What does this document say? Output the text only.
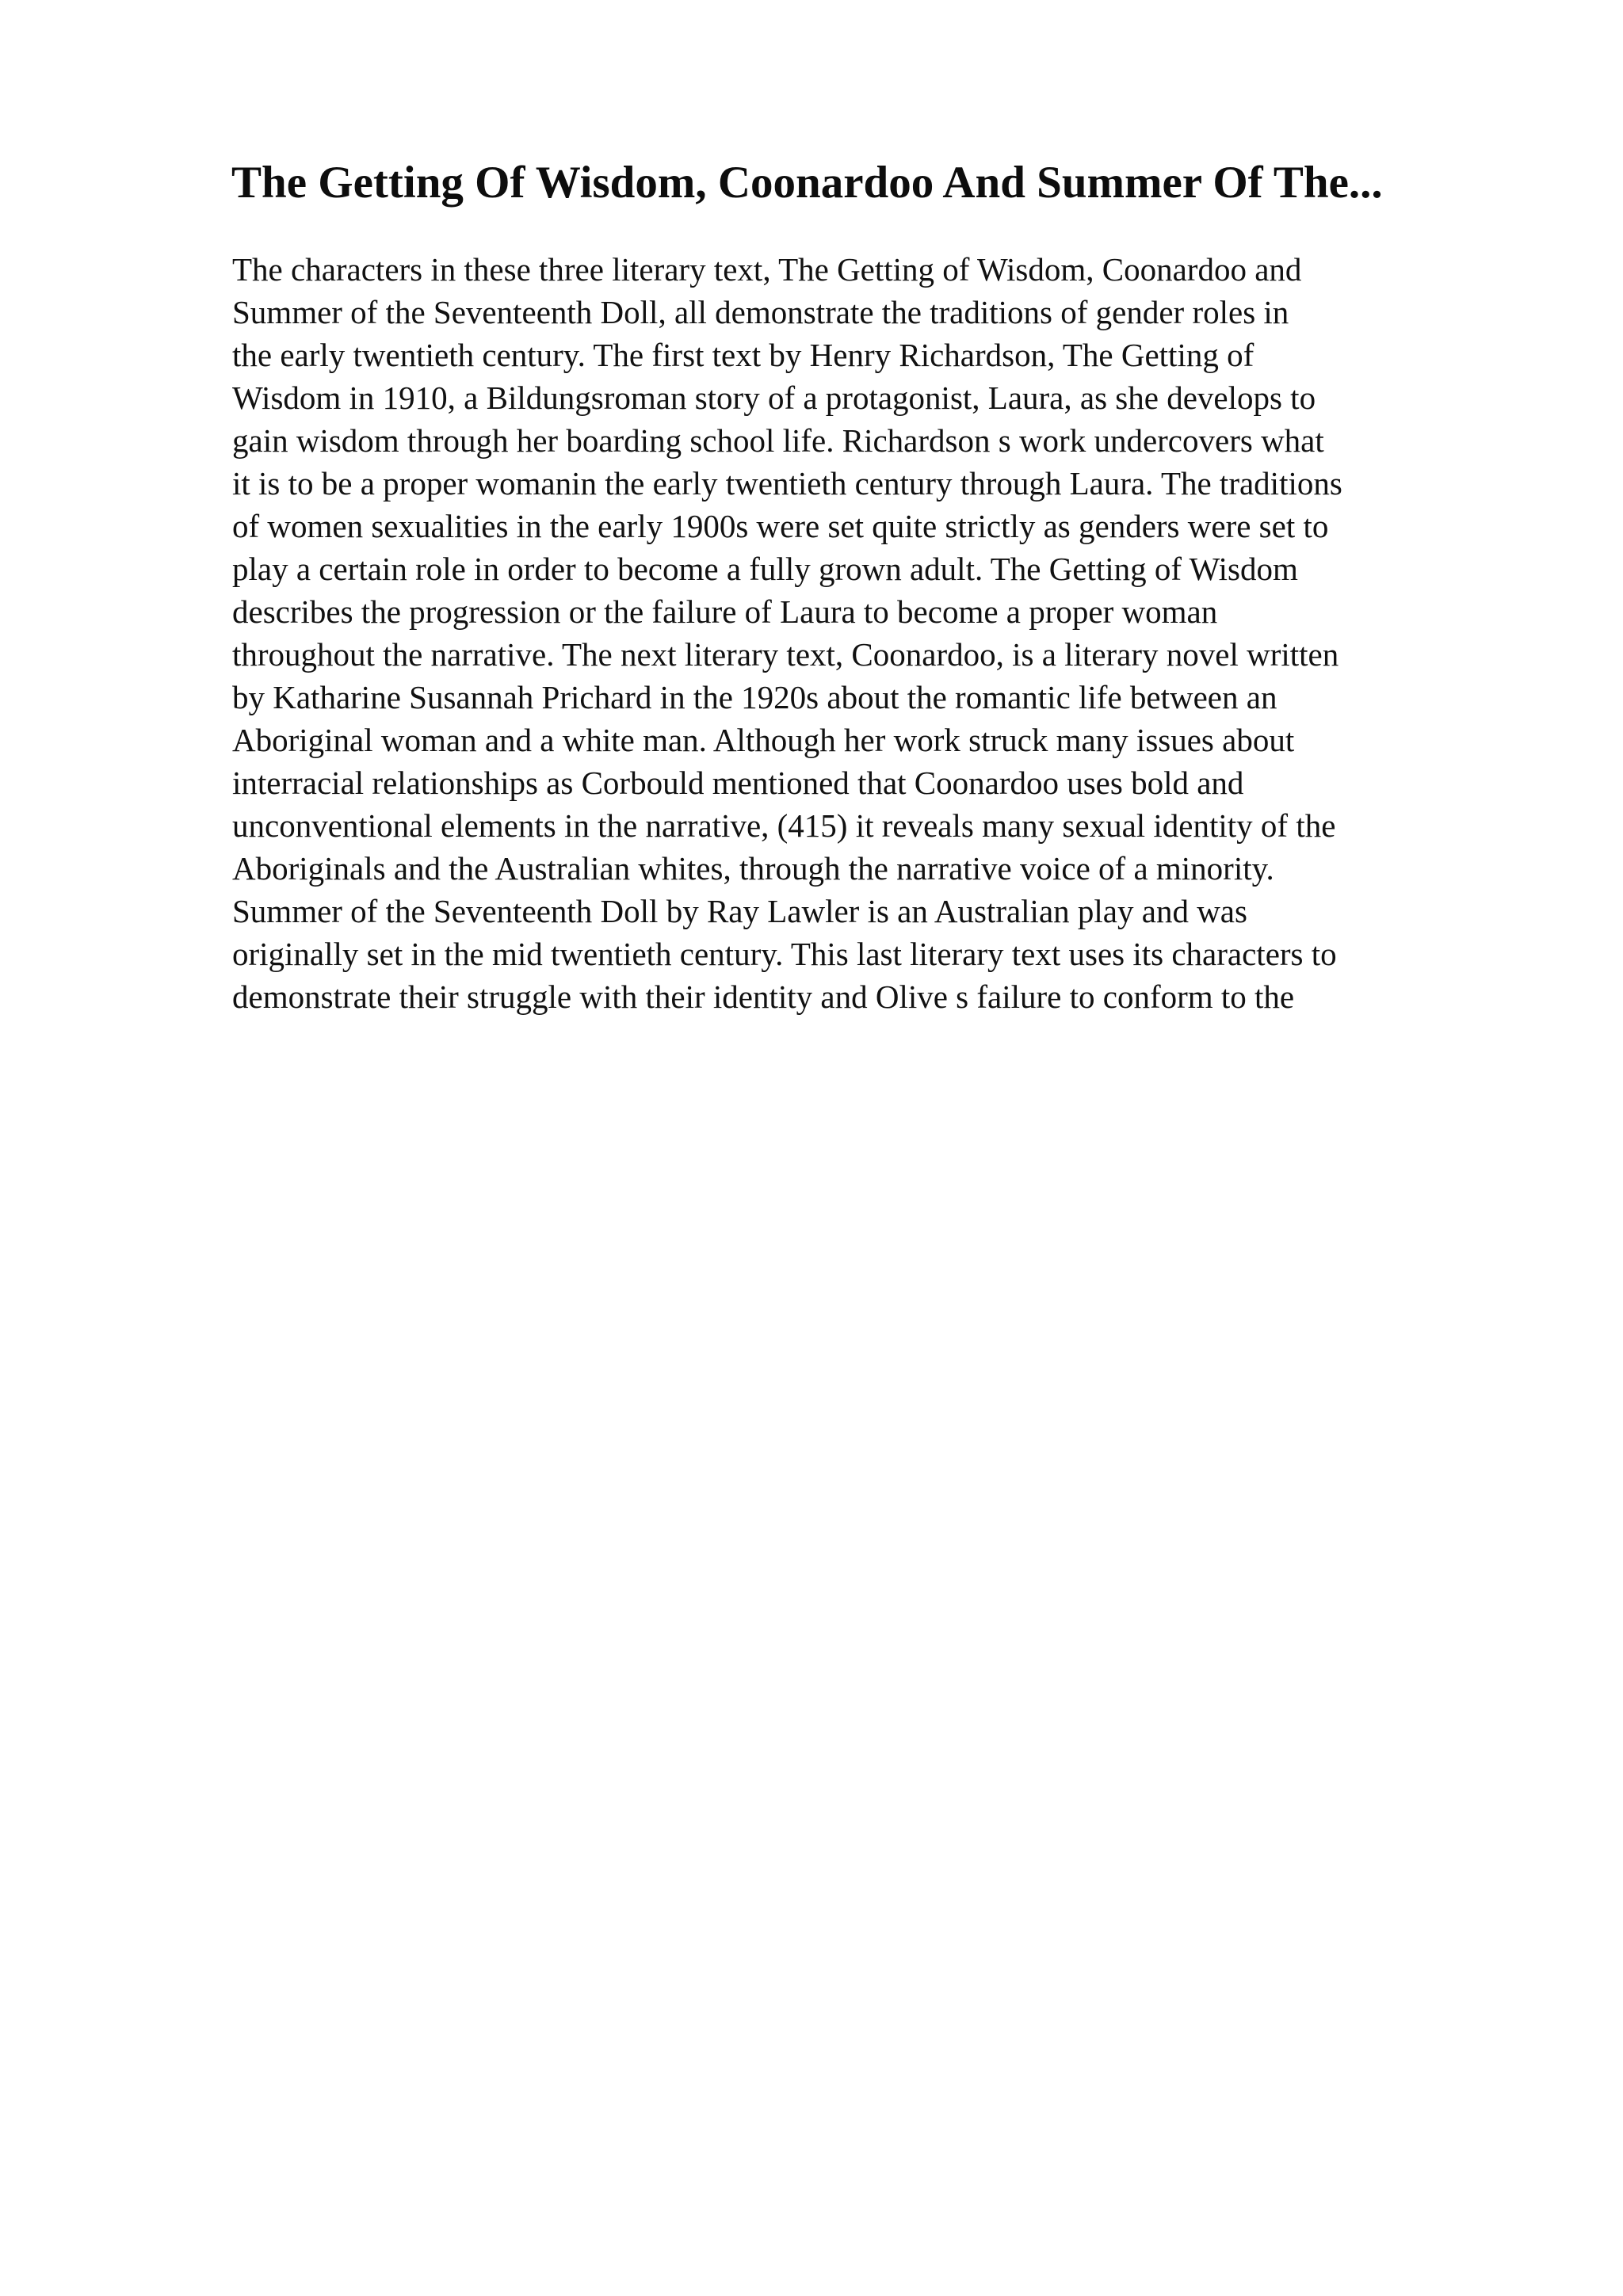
The Getting Of Wisdom, Coonardoo And Summer Of The...
The characters in these three literary text, The Getting of Wisdom, Coonardoo and
Summer of the Seventeenth Doll, all demonstrate the traditions of gender roles in
the early twentieth century. The first text by Henry Richardson, The Getting of
Wisdom in 1910, a Bildungsroman story of a protagonist, Laura, as she develops to
gain wisdom through her boarding school life. Richardson s work undercovers what
it is to be a proper womanin the early twentieth century through Laura. The traditions
of women sexualities in the early 1900s were set quite strictly as genders were set to
play a certain role in order to become a fully grown adult. The Getting of Wisdom
describes the progression or the failure of Laura to become a proper woman
throughout the narrative. The next literary text, Coonardoo, is a literary novel written
by Katharine Susannah Prichard in the 1920s about the romantic life between an
Aboriginal woman and a white man. Although her work struck many issues about
interracial relationships as Corbould mentioned that Coonardoo uses bold and
unconventional elements in the narrative, (415) it reveals many sexual identity of the
Aboriginals and the Australian whites, through the narrative voice of a minority.
Summer of the Seventeenth Doll by Ray Lawler is an Australian play and was
originally set in the mid twentieth century. This last literary text uses its characters to
demonstrate their struggle with their identity and Olive s failure to conform to the
